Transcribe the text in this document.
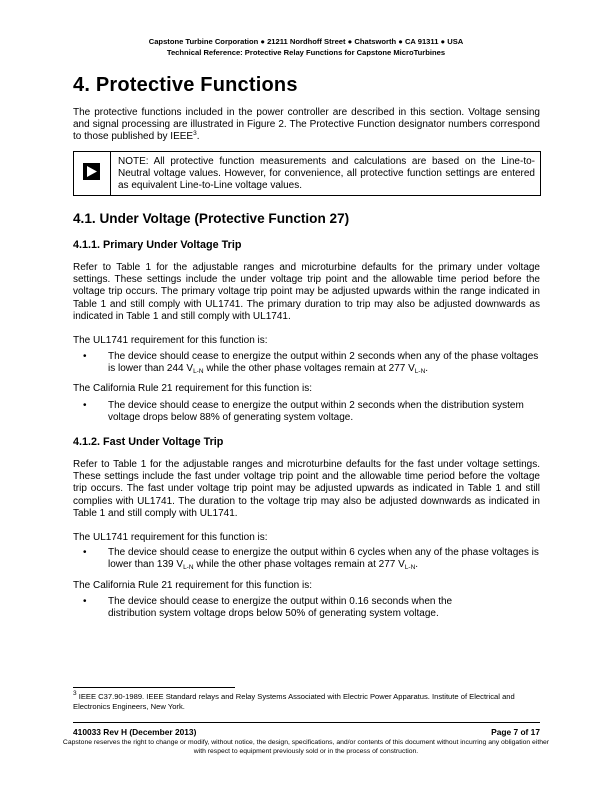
Capstone Turbine Corporation ● 21211 Nordhoff Street ● Chatsworth ● CA 91311 ● USA
Technical Reference: Protective Relay Functions for Capstone MicroTurbines
4. Protective Functions
The protective functions included in the power controller are described in this section. Voltage sensing and signal processing are illustrated in Figure 2. The Protective Function designator numbers correspond to those published by IEEE$^3$.
NOTE: All protective function measurements and calculations are based on the Line-to-Neutral voltage values. However, for convenience, all protective function settings are entered as equivalent Line-to-Line voltage values.
4.1. Under Voltage (Protective Function 27)
4.1.1. Primary Under Voltage Trip
Refer to Table 1 for the adjustable ranges and microturbine defaults for the primary under voltage settings. These settings include the under voltage trip point and the allowable time period before the voltage trip occurs. The primary voltage trip point may be adjusted upwards within the range indicated in Table 1 and still comply with UL1741. The primary duration to trip may also be adjusted downwards as indicated in Table 1 and still comply with UL1741.
The UL1741 requirement for this function is:
• The device should cease to energize the output within 2 seconds when any of the phase voltages is lower than 244 $V_{L-N}$ while the other phase voltages remain at 277 $V_{L-N}$.
The California Rule 21 requirement for this function is:
• The device should cease to energize the output within 2 seconds when the distribution system voltage drops below 88% of generating system voltage.
4.1.2. Fast Under Voltage Trip
Refer to Table 1 for the adjustable ranges and microturbine defaults for the fast under voltage settings. These settings include the fast under voltage trip point and the allowable time period before the voltage trip occurs. The fast under voltage trip point may be adjusted upwards as indicated in Table 1 and still complies with UL1741. The duration to the voltage trip may also be adjusted downwards as indicated in Table 1 and still comply with UL1741.
The UL1741 requirement for this function is:
• The device should cease to energize the output within 6 cycles when any of the phase voltages is lower than 139 $V_{L-N}$ while the other phase voltages remain at 277 $V_{L-N}$.
The California Rule 21 requirement for this function is:
• The device should cease to energize the output within 0.16 seconds when the distribution system voltage drops below 50% of generating system voltage.
$^3$ IEEE C37.90-1989. IEEE Standard relays and Relay Systems Associated with Electric Power Apparatus. Institute of Electrical and Electronics Engineers, New York.
410033 Rev H (December 2013)	Page 7 of 17
Capstone reserves the right to change or modify, without notice, the design, specifications, and/or contents of this document without incurring any obligation either with respect to equipment previously sold or in the process of construction.
